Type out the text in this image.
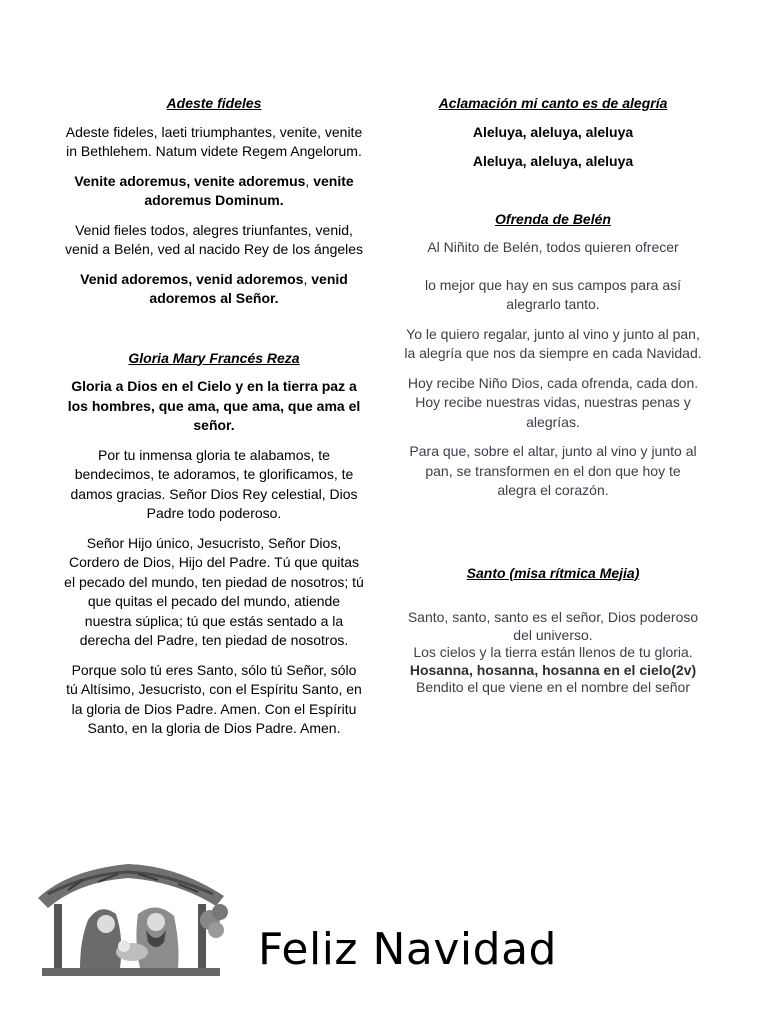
Adeste fideles

Adeste fideles, laeti triumphantes, venite, venite in Bethlehem. Natum videte Regem Angelorum.

Venite adoremus, venite adoremus, venite adoremus Dominum.

Venid fieles todos, alegres triunfantes, venid, venid a Belén, ved al nacido Rey de los ángeles

Venid adoremos, venid adoremos, venid adoremos al Señor.

Gloria Mary Francés Reza

Gloria a Dios en el Cielo y en la tierra paz a los hombres, que ama, que ama, que ama el señor.

Por tu inmensa gloria te alabamos, te bendecimos, te adoramos, te glorificamos, te damos gracias. Señor Dios Rey celestial, Dios Padre todo poderoso.

Señor Hijo único, Jesucristo, Señor Dios, Cordero de Dios, Hijo del Padre. Tú que quitas el pecado del mundo, ten piedad de nosotros; tú que quitas el pecado del mundo, atiende nuestra súplica; tú que estás sentado a la derecha del Padre, ten piedad de nosotros.

Porque solo tú eres Santo, sólo tú Señor, sólo tú Altísimo, Jesucristo, con el Espíritu Santo, en la gloria de Dios Padre. Amen. Con el Espíritu Santo, en la gloria de Dios Padre. Amen.

Aclamación mi canto es de alegría

Aleluya, aleluya, aleluya

Aleluya, aleluya, aleluya

Ofrenda de Belén

Al Niñito de Belén, todos quieren ofrecer

lo mejor que hay en sus campos para así alegrarlo tanto.

Yo le quiero regalar, junto al vino y junto al pan,

la alegría que nos da siempre en cada Navidad.

Hoy recibe Niño Dios, cada ofrenda, cada don.

Hoy recibe nuestras vidas, nuestras penas y alegrías.

Para que, sobre el altar, junto al vino y junto al pan, se transformen en el don que hoy te alegra el corazón.

Santo (misa rítmica Mejia)

Santo, santo, santo es el señor, Dios poderoso del universo.

Los cielos y la tierra están llenos de tu gloria.

Hosanna, hosanna, hosanna en el cielo(2v)

Bendito el que viene en el nombre del señor

Feliz Navidad
